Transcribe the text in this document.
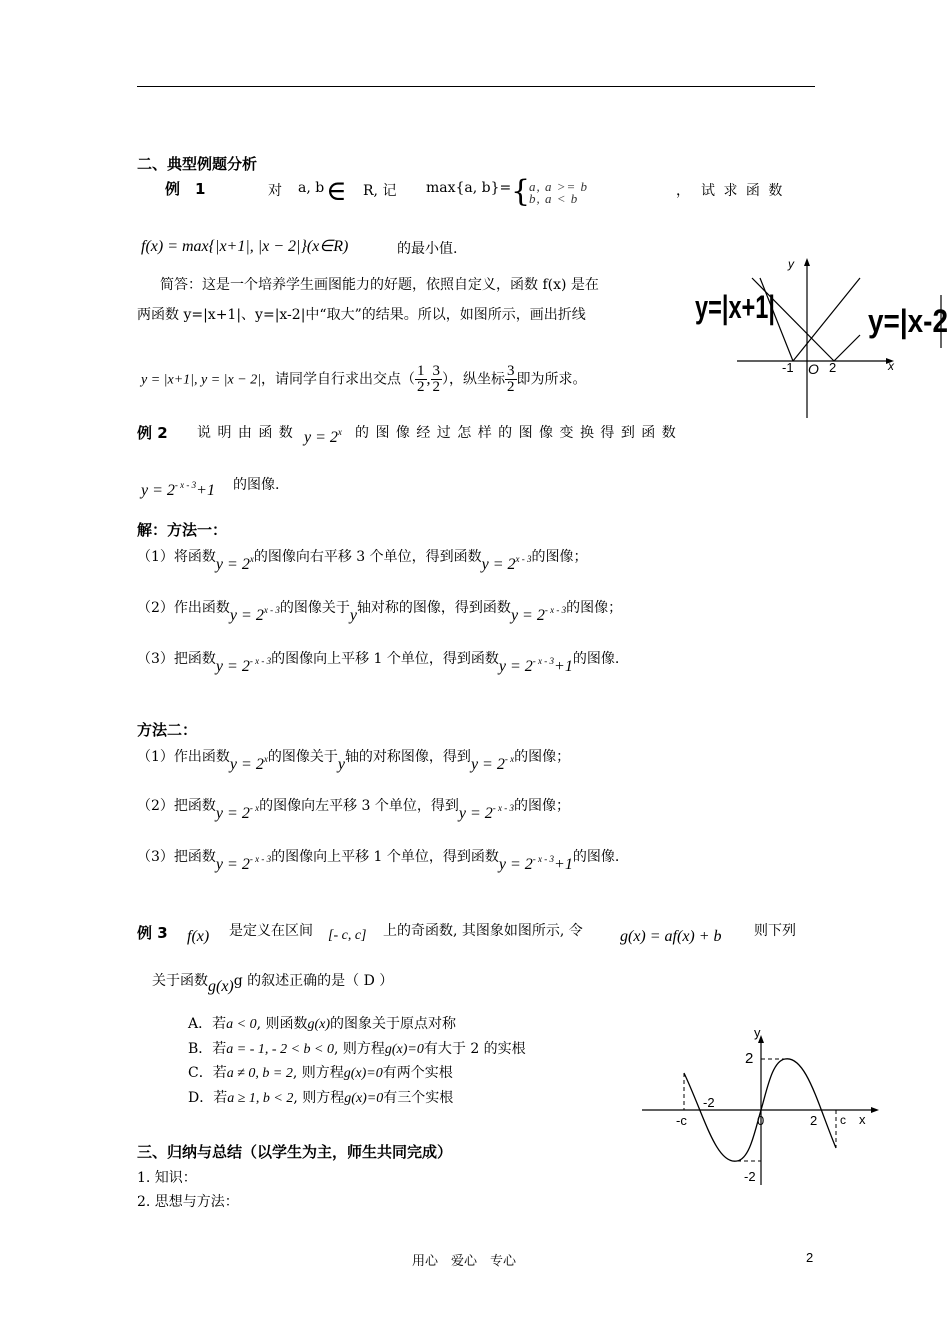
二、典型例题分析
例　1	对 a, b ∈ R, 记 max{a, b}= {
a, a >= b
b, a < b	，　试 求 函 数
f(x) = max{|x+1|, |x − 2|}(x∈R)	的最小值.
简答：这是一个培养学生画图能力的好题，依照自定义，函数 f(x) 是在
两函数 y=|x+1|、y=|x-2|中“取大”的结果。所以，如图所示，画出折线
y = |x+1|, y = |x − 2|，请同学自行求出交点（ $\frac{1}{2}$ , $\frac{3}{2}$ ），纵坐标 $\frac{3}{2}$ 即为所求。
y
x
y=|x+1|	y=|x-2
-1 O 2
例 2 说 明 由 函 数 $y = 2^x$ 的 图 像 经 过 怎 样 的 图 像 变 换 得 到 函 数
$y = 2^{- x - 3}+1$ 的图像.
解：方法一：
（1）将函数$y = 2^x$的图像向右平移 3 个单位，得到函数$y = 2^{x - 3}$的图像；
（2）作出函数$y = 2^{x - 3}$的图像关于y轴对称的图像，得到函数$y = 2^{- x - 3}$的图像；
（3）把函数$y = 2^{- x - 3}$的图像向上平移 1 个单位，得到函数$y = 2^{- x - 3}+1$的图像.
方法二：
（1）作出函数$y = 2^x$的图像关于y轴的对称图像，得到$y = 2^{- x}$的图像；
（2）把函数$y = 2^{- x}$的图像向左平移 3 个单位，得到$y = 2^{- x - 3}$的图像；
（3）把函数$y = 2^{- x - 3}$的图像向上平移 1 个单位，得到函数$y = 2^{- x - 3}+1$的图像.
例 3 f(x) 是定义在区间 [- c, c] 上的奇函数, 其图象如图所示, 令 g(x) = af(x) + b 则下列
关于函数g(x)g 的叙述正确的是（ D ）
A．若a < 0, 则函数g(x)的图象关于原点对称
B．若a = - 1, - 2 < b < 0, 则方程g(x)=0有大于 2 的实根
C．若a ≠ 0, b = 2, 则方程g(x)=0有两个实根
D．若a ≥ 1, b < 2, 则方程g(x)=0有三个实根
y
x
2
-2
-2
-c	0	2 c
三、归纳与总结（以学生为主，师生共同完成）
1. 知识：
2. 思想与方法：
用心　爱心　专心	2
